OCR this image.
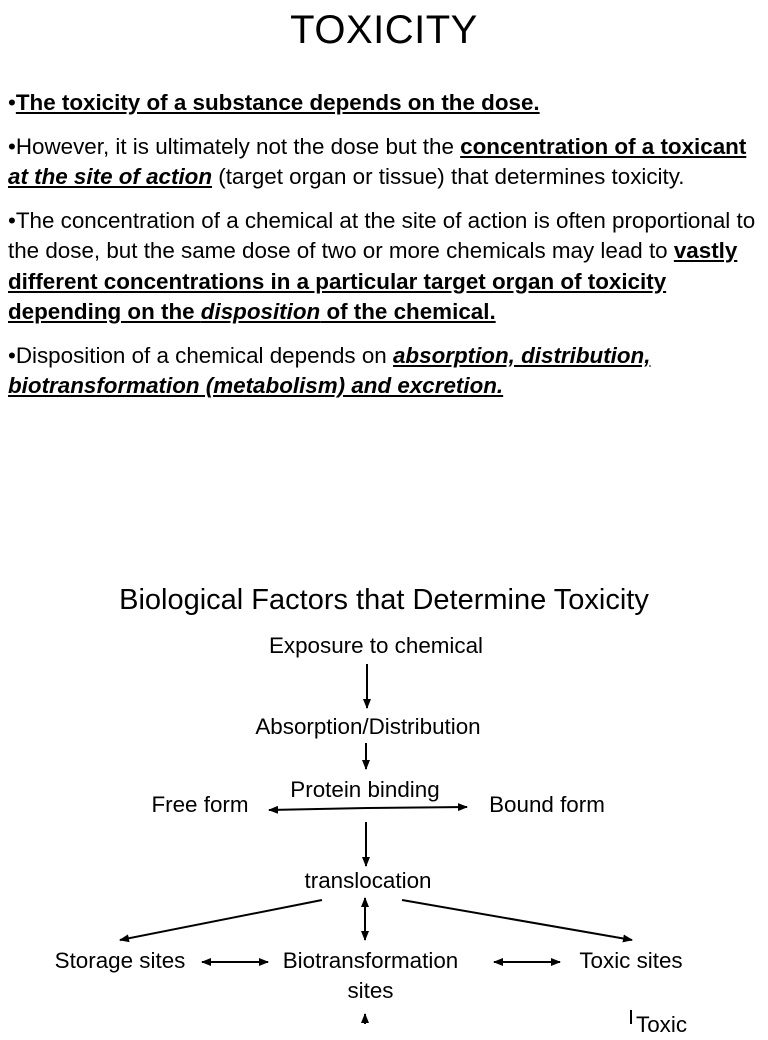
TOXICITY

•The toxicity of a substance depends on the dose.

•However, it is ultimately not the dose but the concentration of a toxicant at the site of action (target organ or tissue) that determines toxicity.

•The concentration of a chemical at the site of action is often proportional to the dose, but the same dose of two or more chemicals may lead to vastly different concentrations in a particular target organ of toxicity depending on the disposition of the chemical.

•Disposition of a chemical depends on absorption, distribution, biotransformation (metabolism) and excretion.

Biological Factors that Determine Toxicity
Exposure to chemical
Absorption/Distribution
Protein binding
Free form	Bound form
translocation
Storage sites	Biotransformation sites
Toxic sites
Toxic
